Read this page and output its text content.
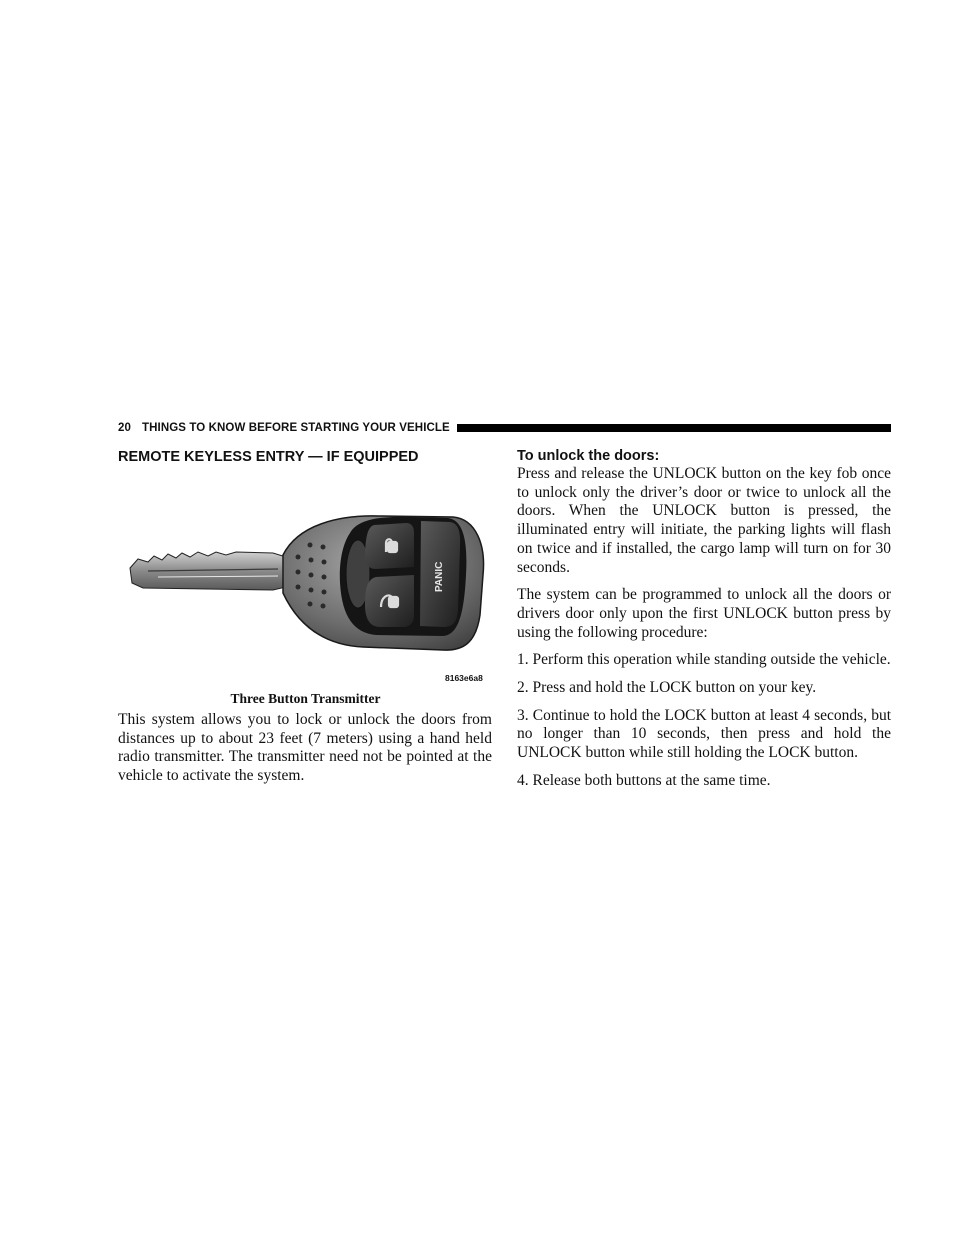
20 THINGS TO KNOW BEFORE STARTING YOUR VEHICLE
REMOTE KEYLESS ENTRY — IF EQUIPPED
PANIC
8163e6a8
Three Button Transmitter

This system allows you to lock or unlock the doors from distances up to about 23 feet (7 meters) using a hand held radio transmitter. The transmitter need not be pointed at the vehicle to activate the system.

To unlock the doors:

Press and release the UNLOCK button on the key fob once to unlock only the driver’s door or twice to unlock all the doors. When the UNLOCK button is pressed, the illuminated entry will initiate, the parking lights will flash on twice and if installed, the cargo lamp will turn on for 30 seconds.

The system can be programmed to unlock all the doors or drivers door only upon the first UNLOCK button press by using the following procedure:

1. Perform this operation while standing outside the vehicle.

2. Press and hold the LOCK button on your key.

3. Continue to hold the LOCK button at least 4 seconds, but no longer than 10 seconds, then press and hold the UNLOCK button while still holding the LOCK button.

4. Release both buttons at the same time.
